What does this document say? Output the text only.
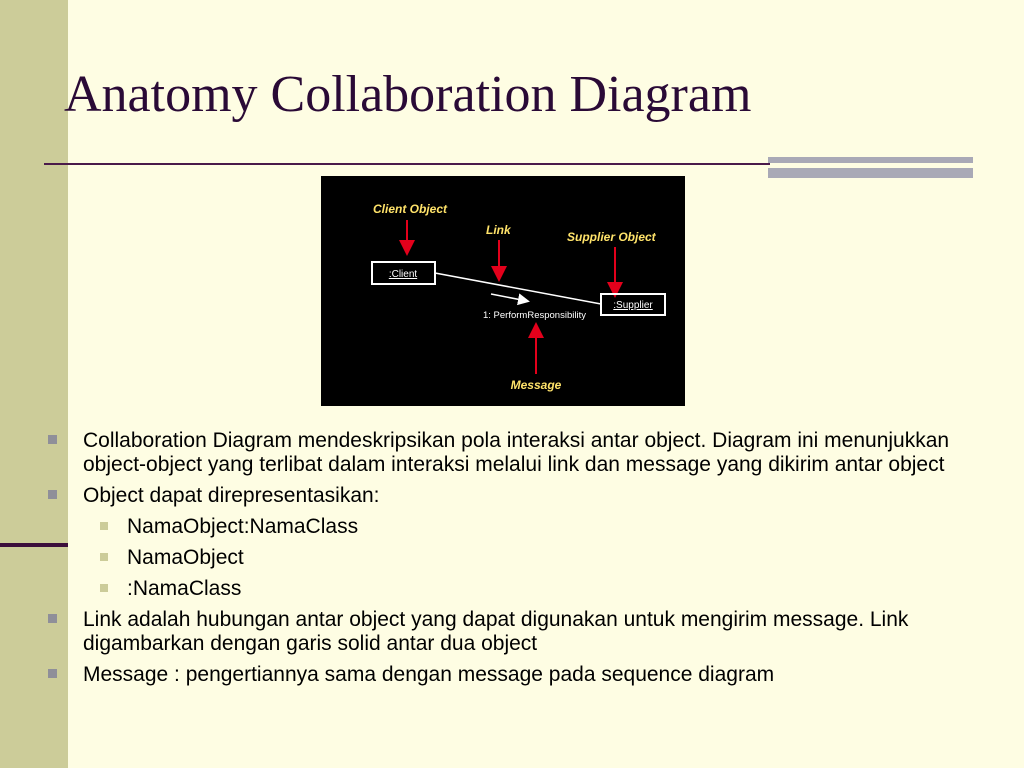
Anatomy Collaboration Diagram
Client Object
Link	Supplier Object
:Client
:Supplier
1: PerformResponsibility
Message
Collaboration Diagram mendeskripsikan pola interaksi antar object. Diagram ini menunjukkan object-object yang terlibat dalam interaksi melalui link dan message yang dikirim antar object
Object dapat direpresentasikan:
NamaObject:NamaClass
NamaObject
:NamaClass
Link adalah hubungan antar object yang dapat digunakan untuk mengirim message. Link digambarkan dengan garis solid antar dua object
Message : pengertiannya sama dengan message pada sequence diagram
